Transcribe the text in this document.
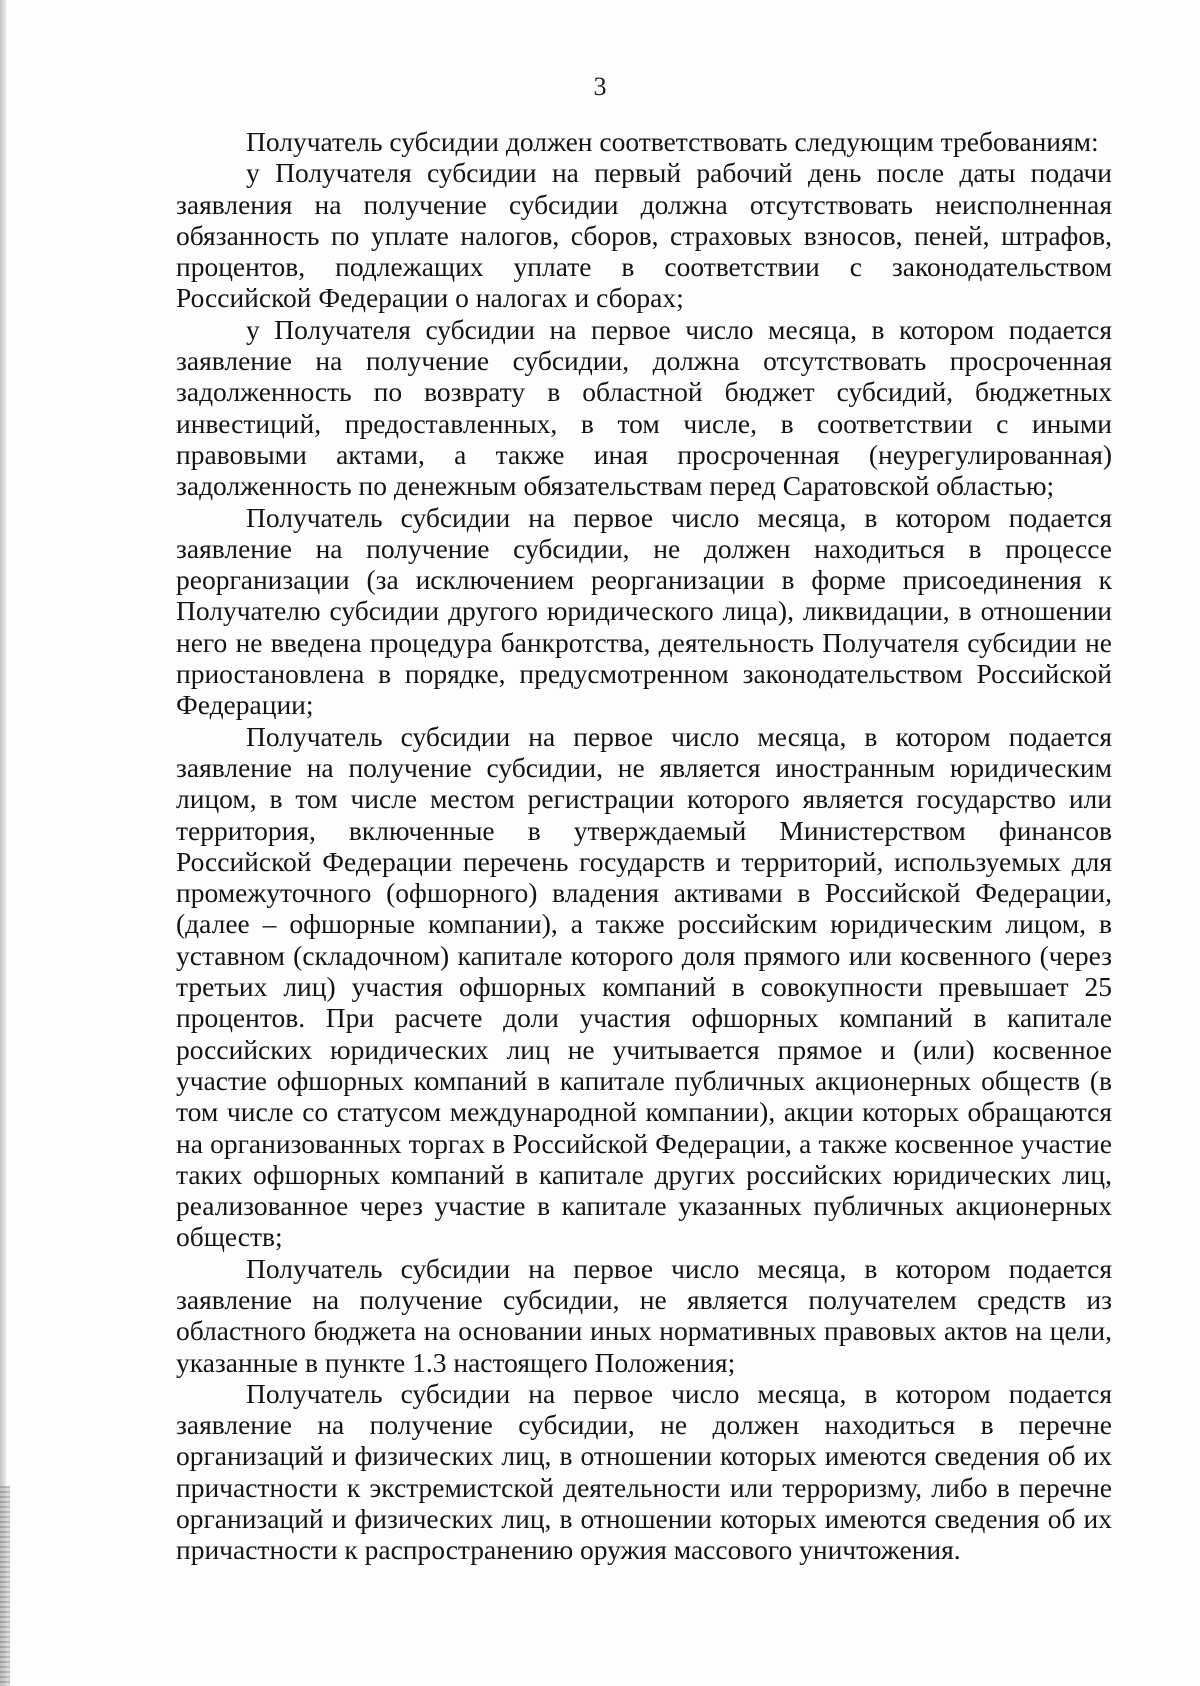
3

Получатель субсидии должен соответствовать следующим требованиям:

у Получателя субсидии на первый рабочий день после даты подачи заявления на получение субсидии должна отсутствовать неисполненная обязанность по уплате налогов, сборов, страховых взносов, пеней, штрафов, процентов, подлежащих уплате в соответствии с законодательством Российской Федерации о налогах и сборах;

у Получателя субсидии на первое число месяца, в котором подается заявление на получение субсидии, должна отсутствовать просроченная задолженность по возврату в областной бюджет субсидий, бюджетных инвестиций, предоставленных, в том числе, в соответствии с иными правовыми актами, а также иная просроченная (неурегулированная) задолженность по денежным обязательствам перед Саратовской областью;

Получатель субсидии на первое число месяца, в котором подается заявление на получение субсидии, не должен находиться в процессе реорганизации (за исключением реорганизации в форме присоединения к Получателю субсидии другого юридического лица), ликвидации, в отношении него не введена процедура банкротства, деятельность Получателя субсидии не приостановлена в порядке, предусмотренном законодательством Российской Федерации;

Получатель субсидии на первое число месяца, в котором подается заявление на получение субсидии, не является иностранным юридическим лицом, в том числе местом регистрации которого является государство или территория, включенные в утверждаемый Министерством финансов Российской Федерации перечень государств и территорий, используемых для промежуточного (офшорного) владения активами в Российской Федерации, (далее – офшорные компании), а также российским юридическим лицом, в уставном (складочном) капитале которого доля прямого или косвенного (через третьих лиц) участия офшорных компаний в совокупности превышает 25 процентов. При расчете доли участия офшорных компаний в капитале российских юридических лиц не учитывается прямое и (или) косвенное участие офшорных компаний в капитале публичных акционерных обществ (в том числе со статусом международной компании), акции которых обращаются на организованных торгах в Российской Федерации, а также косвенное участие таких офшорных компаний в капитале других российских юридических лиц, реализованное через участие в капитале указанных публичных акционерных обществ;

Получатель субсидии на первое число месяца, в котором подается заявление на получение субсидии, не является получателем средств из областного бюджета на основании иных нормативных правовых актов на цели, указанные в пункте 1.3 настоящего Положения;

Получатель субсидии на первое число месяца, в котором подается заявление на получение субсидии, не должен находиться в перечне организаций и физических лиц, в отношении которых имеются сведения об их причастности к экстремистской деятельности или терроризму, либо в перечне организаций и физических лиц, в отношении которых имеются сведения об их причастности к распространению оружия массового уничтожения.
